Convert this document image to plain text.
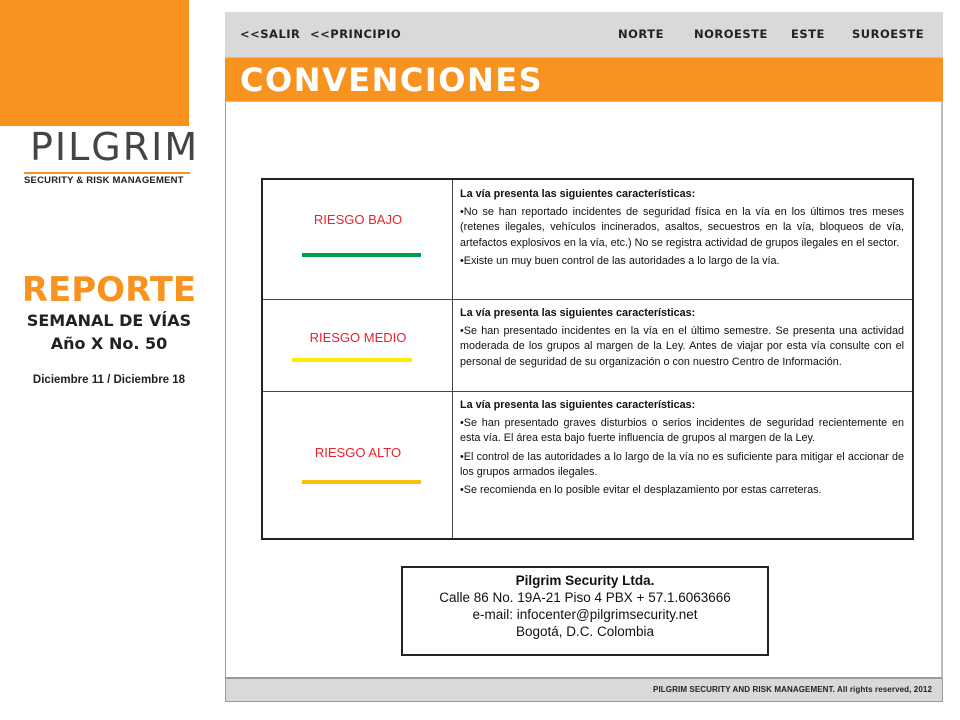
PILGRIM
SECURITY & RISK MANAGEMENT
REPORTE
SEMANAL DE VÍAS
Año X No. 50
Diciembre 11 / Diciembre 18
<<SALIR <<PRINCIPIO	NORTE	NOROESTE ESTE SUROESTE
CONVENCIONES
RIESGO BAJO
La vía presenta las siguientes características:
•No se han reportado incidentes de seguridad física en la vía en los últimos tres meses (retenes ilegales, vehículos incinerados, asaltos, secuestros en la vía, bloqueos de vía, artefactos explosivos en la vía, etc.) No se registra actividad de grupos ilegales en el sector.
•Existe un muy buen control de las autoridades a lo largo de la vía.
RIESGO MEDIO
La vía presenta las siguientes características:
•Se han presentado incidentes en la vía en el último semestre. Se presenta una actividad moderada de los grupos al margen de la Ley. Antes de viajar por esta vía consulte con el personal de seguridad de su organización o con nuestro Centro de Información.
RIESGO ALTO
La vía presenta las siguientes características:
•Se han presentado graves disturbios o serios incidentes de seguridad recientemente en esta vía. El área esta bajo fuerte influencia de grupos al margen de la Ley.
•El control de las autoridades a lo largo de la vía no es suficiente para mitigar el accionar de los grupos armados ilegales.
•Se recomienda en lo posible evitar el desplazamiento por estas carreteras.
Pilgrim Security Ltda.
Calle 86 No. 19A-21 Piso 4 PBX + 57.1.6063666
e-mail: infocenter@pilgrimsecurity.net
Bogotá, D.C. Colombia
PILGRIM SECURITY AND RISK MANAGEMENT. All rights reserved, 2012
